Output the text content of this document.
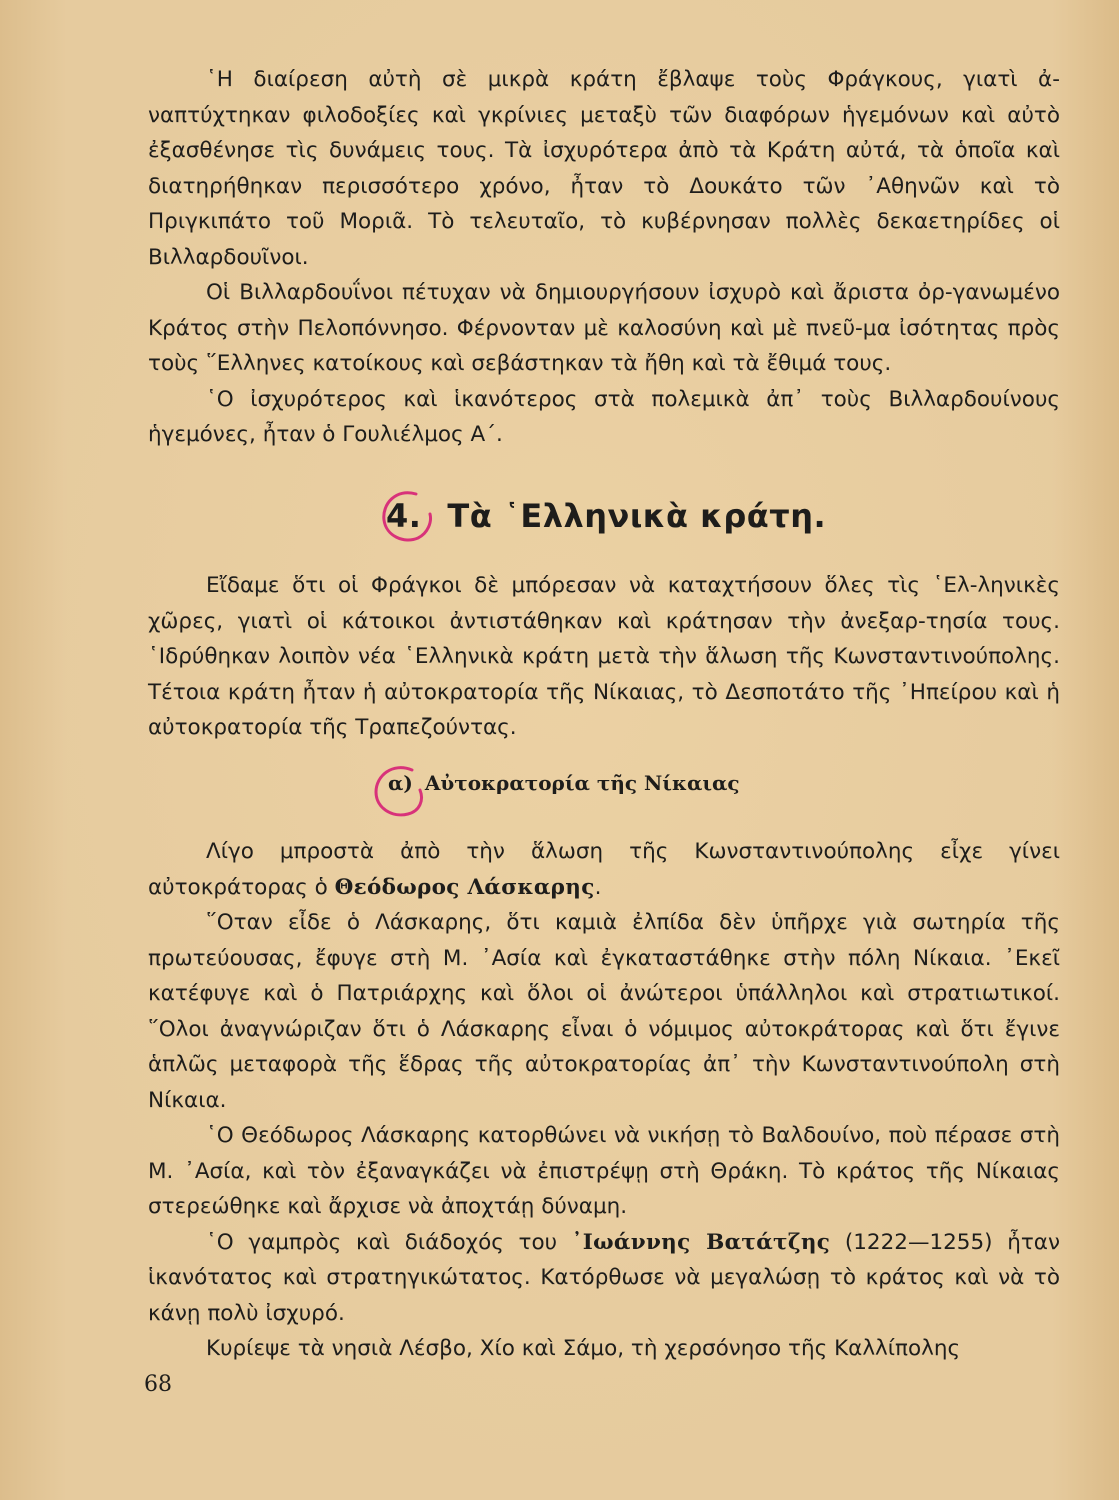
῾Η διαίρεση αὐτὴ σὲ μικρὰ κράτη ἔβλαψε τοὺς Φράγκους, γιατὶ ἀ-ναπτύχτηκαν φιλοδοξίες καὶ γκρίνιες μεταξὺ τῶν διαφόρων ἡγεμόνων καὶ αὐτὸ ἐξασθένησε τὶς δυνάμεις τους. Τὰ ἰσχυρότερα ἀπὸ τὰ Κράτη αὐτά, τὰ ὁποῖα καὶ διατηρήθηκαν περισσότερο χρόνο, ἦταν τὸ Δουκάτο τῶν ᾿Αθηνῶν καὶ τὸ Πριγκιπάτο τοῦ Μοριᾶ. Τὸ τελευταῖο, τὸ κυβέρνησαν πολλὲς δεκαετηρίδες οἱ Βιλλαρδουῖνοι.

Οἱ Βιλλαρδουΐνοι πέτυχαν νὰ δημιουργήσουν ἰσχυρὸ καὶ ἄριστα ὀρ-γανωμένο Κράτος στὴν Πελοπόννησο. Φέρνονταν μὲ καλοσύνη καὶ μὲ πνεῦ-μα ἰσότητας πρὸς τοὺς ῞Ελληνες κατοίκους καὶ σεβάστηκαν τὰ ἤθη καὶ τὰ ἔθιμά τους.

῾Ο ἰσχυρότερος καὶ ἱκανότερος στὰ πολεμικὰ ἀπ᾿ τοὺς Βιλλαρδουίνους ἡγεμόνες, ἦταν ὁ Γουλιέλμος Α΄.

4. Τὰ ῾Ελληνικὰ κράτη.

Εἴδαμε ὅτι οἱ Φράγκοι δὲ μπόρεσαν νὰ καταχτήσουν ὅλες τὶς ῾Ελ-ληνικὲς χῶρες, γιατὶ οἱ κάτοικοι ἀντιστάθηκαν καὶ κράτησαν τὴν ἀνεξαρ-τησία τους. ῾Ιδρύθηκαν λοιπὸν νέα ῾Ελληνικὰ κράτη μετὰ τὴν ἅλωση τῆς Κωνσταντινούπολης. Τέτοια κράτη ἦταν ἡ αὐτοκρατορία τῆς Νίκαιας, τὸ Δεσποτάτο τῆς ᾿Ηπείρου καὶ ἡ αὐτοκρατορία τῆς Τραπεζούντας.

α) Αὐτοκρατορία τῆς Νίκαιας

Λίγο μπροστὰ ἀπὸ τὴν ἅλωση τῆς Κωνσταντινούπολης εἶχε γίνει αὐτοκράτορας ὁ Θεόδωρος Λάσκαρης.

῞Οταν εἶδε ὁ Λάσκαρης, ὅτι καμιὰ ἐλπίδα δὲν ὑπῆρχε γιὰ σωτηρία τῆς πρωτεύουσας, ἔφυγε στὴ Μ. ᾿Ασία καὶ ἐγκαταστάθηκε στὴν πόλη Νίκαια. ᾿Εκεῖ κατέφυγε καὶ ὁ Πατριάρχης καὶ ὅλοι οἱ ἀνώτεροι ὑπάλληλοι καὶ στρατιωτικοί. ῞Ολοι ἀναγνώριζαν ὅτι ὁ Λάσκαρης εἶναι ὁ νόμιμος αὐτοκράτορας καὶ ὅτι ἔγινε ἁπλῶς μεταφορὰ τῆς ἕδρας τῆς αὐτοκρατορίας ἀπ᾿ τὴν Κωνσταντινούπολη στὴ Νίκαια.

῾Ο Θεόδωρος Λάσκαρης κατορθώνει νὰ νικήσῃ τὸ Βαλδουίνο, ποὺ πέρασε στὴ Μ. ᾿Ασία, καὶ τὸν ἐξαναγκάζει νὰ ἐπιστρέψῃ στὴ Θράκη. Τὸ κράτος τῆς Νίκαιας στερεώθηκε καὶ ἄρχισε νὰ ἀποχτάῃ δύναμη.

῾Ο γαμπρὸς καὶ διάδοχός του ᾿Ιωάννης Βατάτζης (1222—1255) ἦταν ἱκανότατος καὶ στρατηγικώτατος. Κατόρθωσε νὰ μεγαλώσῃ τὸ κράτος καὶ νὰ τὸ κάνῃ πολὺ ἰσχυρό.

Κυρίεψε τὰ νησιὰ Λέσβο, Χίο καὶ Σάμο, τὴ χερσόνησο τῆς Καλλίπολης

68
